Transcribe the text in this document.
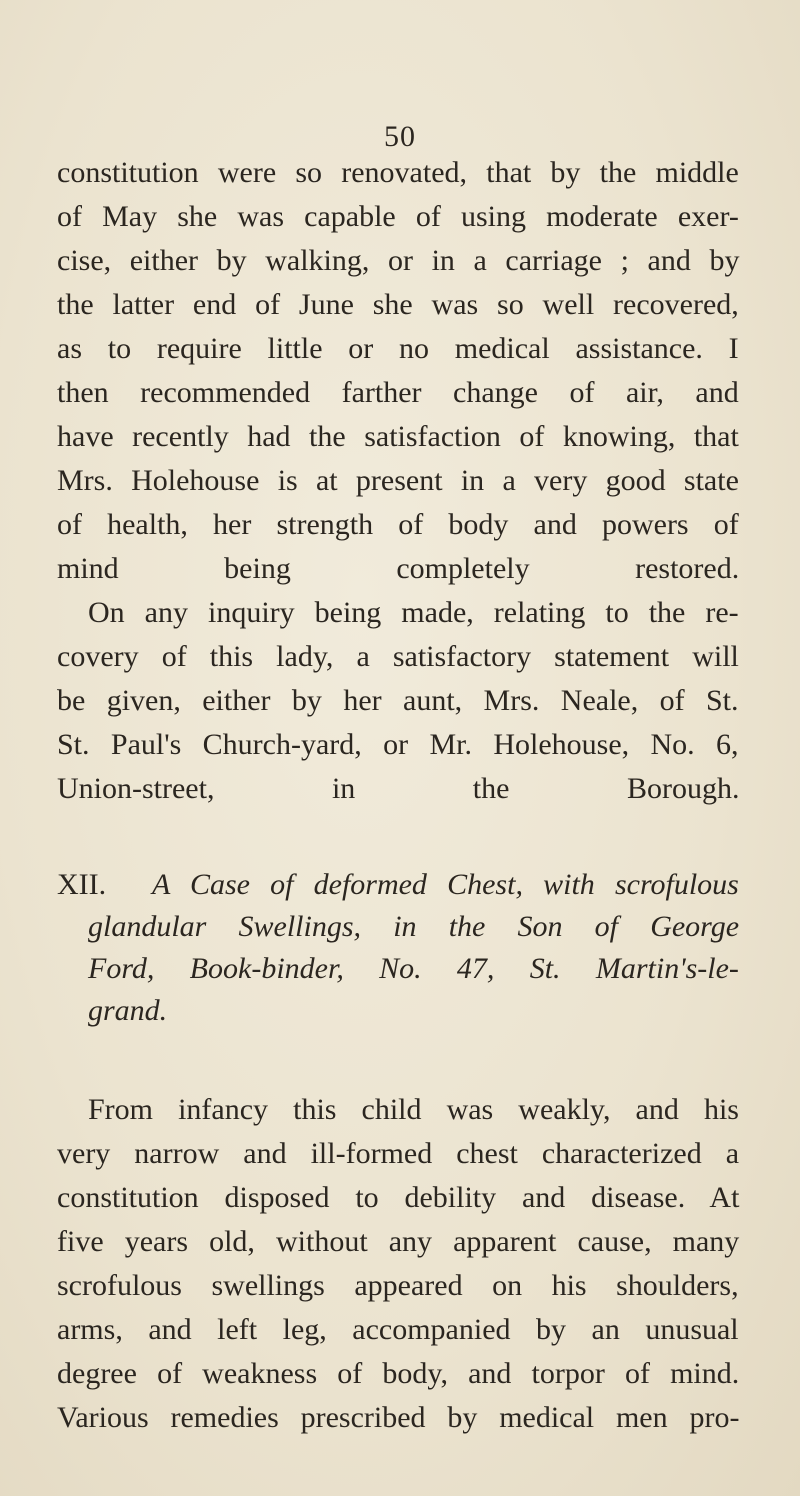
50
constitution were so renovated, that by the middle
of May she was capable of using moderate exer-
cise, either by walking, or in a carriage ; and by
the latter end of June she was so well recovered,
as to require little or no medical assistance. I
then recommended farther change of air, and
have recently had the satisfaction of knowing, that
Mrs. Holehouse is at present in a very good state
of health, her strength of body and powers of
mind being completely restored.
On any inquiry being made, relating to the re-
covery of this lady, a satisfactory statement will
be given, either by her aunt, Mrs. Neale, of St.
St. Paul's Church-yard, or Mr. Holehouse, No. 6,
Union-street, in the Borough.
XII. A Case of deformed Chest, with scrofulous
glandular Swellings, in the Son of George
Ford, Book-binder, No. 47, St. Martin's-le-
grand.
From infancy this child was weakly, and his
very narrow and ill-formed chest characterized a
constitution disposed to debility and disease. At
five years old, without any apparent cause, many
scrofulous swellings appeared on his shoulders,
arms, and left leg, accompanied by an unusual
degree of weakness of body, and torpor of mind.
Various remedies prescribed by medical men pro-
